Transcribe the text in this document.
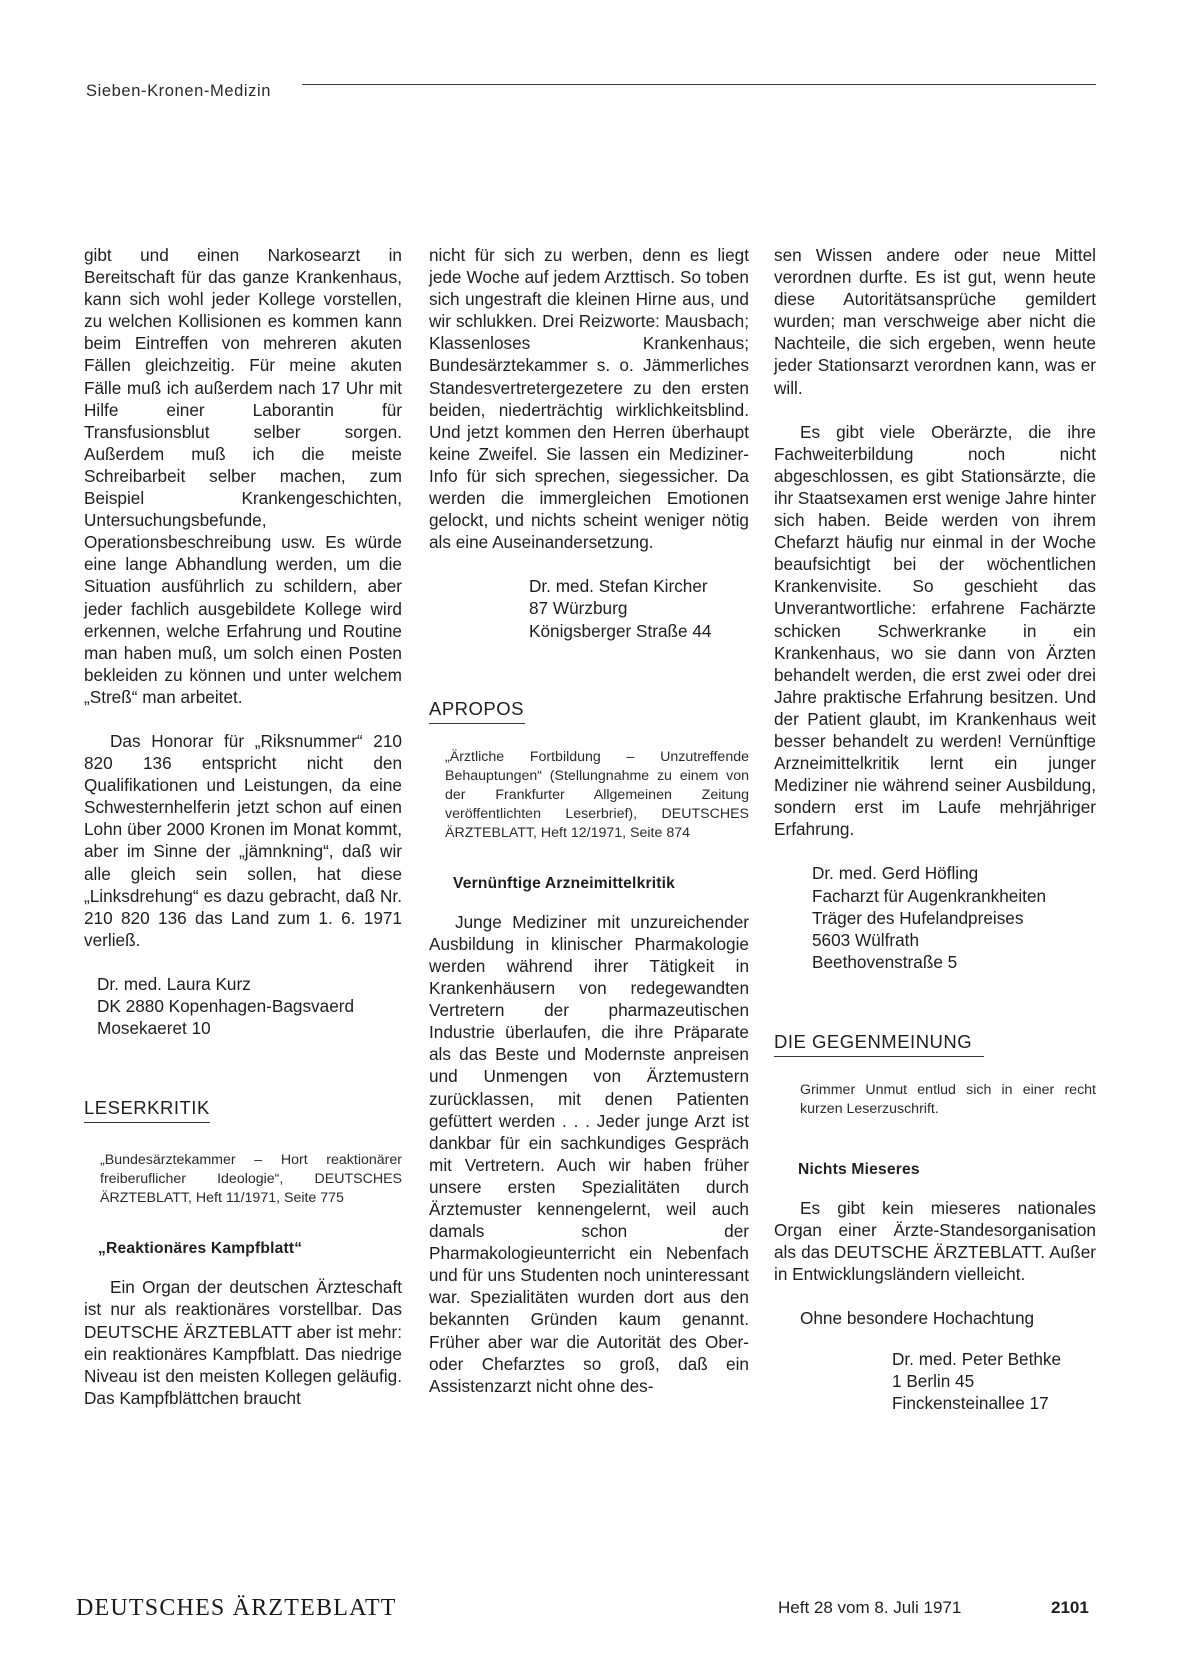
Sieben-Kronen-Medizin

gibt und einen Narkosearzt in Bereitschaft für das ganze Krankenhaus, kann sich wohl jeder Kollege vorstellen, zu welchen Kollisionen es kommen kann beim Eintreffen von mehreren akuten Fällen gleichzeitig. Für meine akuten Fälle muß ich außerdem nach 17 Uhr mit Hilfe einer Laborantin für Transfusionsblut selber sorgen. Außerdem muß ich die meiste Schreibarbeit selber machen, zum Beispiel Krankengeschichten, Untersuchungsbefunde, Operationsbeschreibung usw. Es würde eine lange Abhandlung werden, um die Situation ausführlich zu schildern, aber jeder fachlich ausgebildete Kollege wird erkennen, welche Erfahrung und Routine man haben muß, um solch einen Posten bekleiden zu können und unter welchem „Streß“ man arbeitet.

Das Honorar für „Riksnummer“ 210 820 136 entspricht nicht den Qualifikationen und Leistungen, da eine Schwesternhelferin jetzt schon auf einen Lohn über 2000 Kronen im Monat kommt, aber im Sinne der „jämnkning“, daß wir alle gleich sein sollen, hat diese „Linksdrehung“ es dazu gebracht, daß Nr. 210 820 136 das Land zum 1. 6. 1971 verließ.

Dr. med. Laura Kurz
DK 2880 Kopenhagen-Bagsvaerd
Mosekaeret 10
LESERKRITIK

„Bundesärztekammer – Hort reaktionärer freiberuflicher Ideologie“, DEUTSCHES ÄRZTEBLATT, Heft 11/1971, Seite 775

„Reaktionäres Kampfblatt“

Ein Organ der deutschen Ärzteschaft ist nur als reaktionäres vorstellbar. Das DEUTSCHE ÄRZTEBLATT aber ist mehr: ein reaktionäres Kampfblatt. Das niedrige Niveau ist den meisten Kollegen geläufig. Das Kampfblättchen braucht

nicht für sich zu werben, denn es liegt jede Woche auf jedem Arzttisch. So toben sich ungestraft die kleinen Hirne aus, und wir schlukken. Drei Reizworte: Mausbach; Klassenloses Krankenhaus; Bundesärztekammer s. o. Jämmerliches Standesvertretergezetere zu den ersten beiden, niederträchtig wirklichkeitsblind. Und jetzt kommen den Herren überhaupt keine Zweifel. Sie lassen ein Mediziner-Info für sich sprechen, siegessicher. Da werden die immergleichen Emotionen gelockt, und nichts scheint weniger nötig als eine Auseinandersetzung.

Dr. med. Stefan Kircher
87 Würzburg
Königsberger Straße 44
APROPOS

„Ärztliche Fortbildung – Unzutreffende Behauptungen“ (Stellungnahme zu einem von der Frankfurter Allgemeinen Zeitung veröffentlichten Leserbrief), DEUTSCHES ÄRZTEBLATT, Heft 12/1971, Seite 874

Vernünftige Arzneimittelkritik

Junge Mediziner mit unzureichender Ausbildung in klinischer Pharmakologie werden während ihrer Tätigkeit in Krankenhäusern von redegewandten Vertretern der pharmazeutischen Industrie überlaufen, die ihre Präparate als das Beste und Modernste anpreisen und Unmengen von Ärztemustern zurücklassen, mit denen Patienten gefüttert werden . . . Jeder junge Arzt ist dankbar für ein sachkundiges Gespräch mit Vertretern. Auch wir haben früher unsere ersten Spezialitäten durch Ärztemuster kennengelernt, weil auch damals schon der Pharmakologieunterricht ein Nebenfach und für uns Studenten noch uninteressant war. Spezialitäten wurden dort aus den bekannten Gründen kaum genannt. Früher aber war die Autorität des Ober- oder Chefarztes so groß, daß ein Assistenzarzt nicht ohne des-

sen Wissen andere oder neue Mittel verordnen durfte. Es ist gut, wenn heute diese Autoritätsansprüche gemildert wurden; man verschweige aber nicht die Nachteile, die sich ergeben, wenn heute jeder Stationsarzt verordnen kann, was er will.

Es gibt viele Oberärzte, die ihre Fachweiterbildung noch nicht abgeschlossen, es gibt Stationsärzte, die ihr Staatsexamen erst wenige Jahre hinter sich haben. Beide werden von ihrem Chefarzt häufig nur einmal in der Woche beaufsichtigt bei der wöchentlichen Krankenvisite. So geschieht das Unverantwortliche: erfahrene Fachärzte schicken Schwerkranke in ein Krankenhaus, wo sie dann von Ärzten behandelt werden, die erst zwei oder drei Jahre praktische Erfahrung besitzen. Und der Patient glaubt, im Krankenhaus weit besser behandelt zu werden! Vernünftige Arzneimittelkritik lernt ein junger Mediziner nie während seiner Ausbildung, sondern erst im Laufe mehrjähriger Erfahrung.

Dr. med. Gerd Höfling
Facharzt für Augenkrankheiten
Träger des Hufelandpreises
5603 Wülfrath
Beethovenstraße 5
DIE GEGENMEINUNG

Grimmer Unmut entlud sich in einer recht kurzen Leserzuschrift.

Nichts Mieseres

Es gibt kein mieseres nationales Organ einer Ärzte-Standesorganisation als das DEUTSCHE ÄRZTEBLATT. Außer in Entwicklungsländern vielleicht.

Ohne besondere Hochachtung

Dr. med. Peter Bethke
1 Berlin 45
Finckensteinallee 17
DEUTSCHES ÄRZTEBLATT	Heft 28 vom 8. Juli 1971	2101
